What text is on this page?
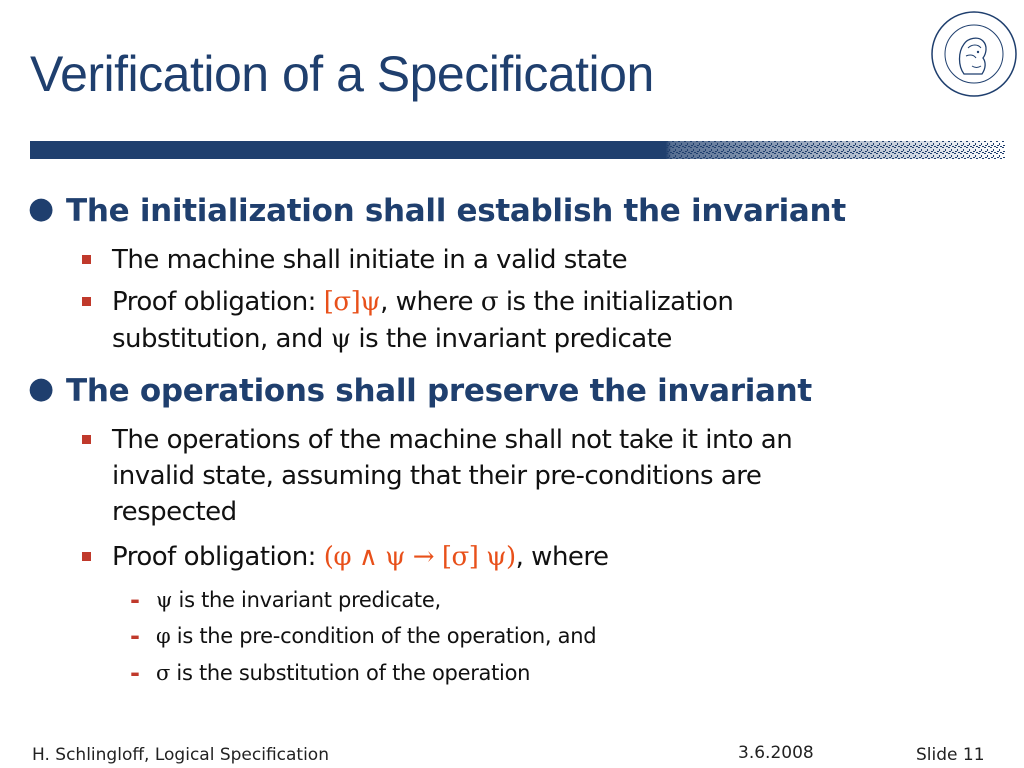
Verification of a Specification
● The initialization shall establish the invariant
The machine shall initiate in a valid state
Proof obligation: [σ]ψ, where σ is the initialization
substitution, and ψ is the invariant predicate
● The operations shall preserve the invariant
The operations of the machine shall not take it into an
invalid state, assuming that their pre-conditions are
respected
Proof obligation: (φ ∧ ψ → [σ] ψ), where
- ψ is the invariant predicate,
- φ is the pre-condition of the operation, and
- σ is the substitution of the operation
H. Schlingloff, Logical Specification	3.6.2008	Slide 11
